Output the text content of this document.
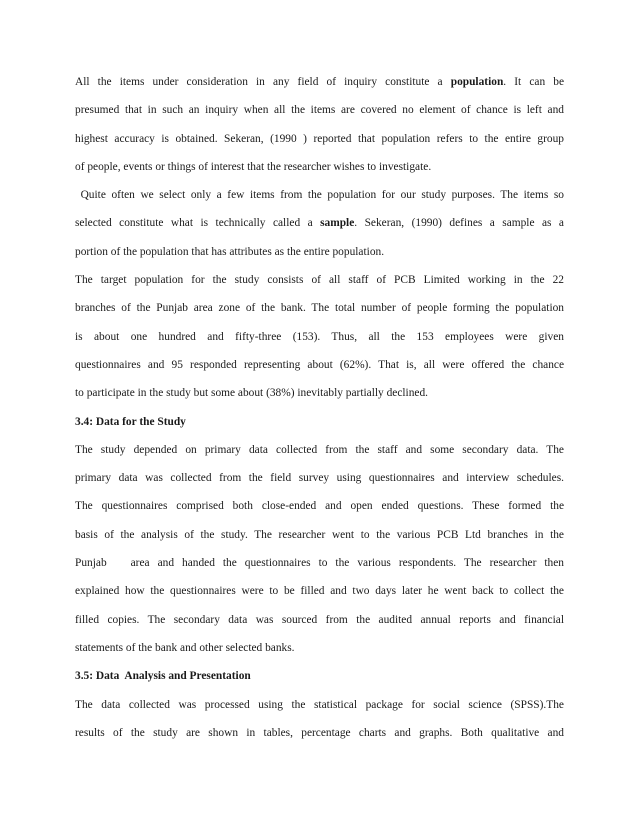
All the items under consideration in any field of inquiry constitute a population. It can be
presumed that in such an inquiry when all the items are covered no element of chance is left and
highest accuracy is obtained. Sekeran, (1990 ) reported that population refers to the entire group
of people, events or things of interest that the researcher wishes to investigate.
Quite often we select only a few items from the population for our study purposes. The items so
selected constitute what is technically called a sample. Sekeran, (1990) defines a sample as a
portion of the population that has attributes as the entire population.
The target population for the study consists of all staff of PCB Limited working in the 22
branches of the Punjab area zone of the bank. The total number of people forming the population
is about one hundred and fifty-three (153). Thus, all the 153 employees were given
questionnaires and 95 responded representing about (62%). That is, all were offered the chance
to participate in the study but some about (38%) inevitably partially declined.
3.4: Data for the Study
The study depended on primary data collected from the staff and some secondary data. The
primary data was collected from the field survey using questionnaires and interview schedules.
The questionnaires comprised both close-ended and open ended questions. These formed the
basis of the analysis of the study. The researcher went to the various PCB Ltd branches in the
Punjab   area and handed the questionnaires to the various respondents. The researcher then
explained how the questionnaires were to be filled and two days later he went back to collect the
filled copies. The secondary data was sourced from the audited annual reports and financial
statements of the bank and other selected banks.
3.5: Data  Analysis and Presentation
The data collected was processed using the statistical package for social science (SPSS).The
results of the study are shown in tables, percentage charts and graphs. Both qualitative and
